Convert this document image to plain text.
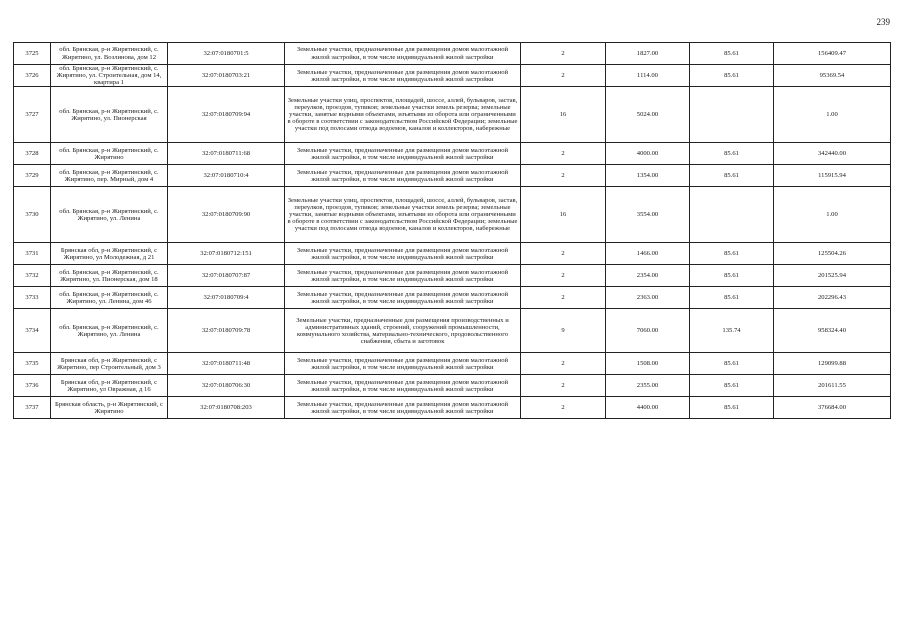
239
3725	обл. Брянская, р-н Жирятинский, с. Жирятино, ул. Возлинова, дом 12	32:07:0180701:5	Земельные участки, предназначенные для размещения домов малоэтажной жилой застройки, в том числе индивидуальной жилой застройки	2	1827.00	85.61	156409.47
3726	обл. Брянская, р-н Жирятинский, с. Жирятино, ул. Строительная, дом 14, квартира 1	32:07:0180703:21	Земельные участки, предназначенные для размещения домов малоэтажной жилой застройки, в том числе индивидуальной жилой застройки	2	1114.00	85.61	95369.54
3727	обл. Брянская, р-н Жирятинский, с. Жирятино, ул. Пионерская	32:07:0180709:94	Земельные участки улиц, проспектов, площадей, шоссе, аллей, бульваров, застав, переулков, проездов, тупиков; земельные участки земель резерва; земельные участки, занятые водными объектами, изъятыми из оборота или ограниченными в обороте в соответствии с законодательством Российской Федерации; земельные участки под полосами отвода водоемов, каналов и коллекторов, набережные	16	5024.00		1.00
3728	обл. Брянская, р-н Жирятинский, с. Жирятино	32:07:0180711:68	Земельные участки, предназначенные для размещения домов малоэтажной жилой застройки, в том числе индивидуальной жилой застройки	2	4000.00	85.61	342440.00
3729	обл. Брянская, р-н Жирятинский, с. Жирятино, пер. Мирный, дом 4	32:07:0180710:4	Земельные участки, предназначенные для размещения домов малоэтажной жилой застройки, в том числе индивидуальной жилой застройки	2	1354.00	85.61	115915.94
3730	обл. Брянская, р-н Жирятинский, с. Жирятино, ул. Ленина	32:07:0180709:90	Земельные участки улиц, проспектов, площадей, шоссе, аллей, бульваров, застав, переулков, проездов, тупиков; земельные участки земель резерва; земельные участки, занятые водными объектами, изъятыми из оборота или ограниченными в обороте в соответствии с законодательством Российской Федерации; земельные участки под полосами отвода водоемов, каналов и коллекторов, набережные	16	3554.00		1.00
3731	Брянская обл, р-н Жирятинский, с Жирятино, ул Молодежная, д 21	32:07:0180712:151	Земельные участки, предназначенные для размещения домов малоэтажной жилой застройки, в том числе индивидуальной жилой застройки	2	1466.00	85.61	125504.26
3732	обл. Брянская, р-н Жирятинский, с. Жирятино, ул. Пионерская, дом 18	32:07:0180707:87	Земельные участки, предназначенные для размещения домов малоэтажной жилой застройки, в том числе индивидуальной жилой застройки	2	2354.00	85.61	201525.94
3733	обл. Брянская, р-н Жирятинский, с. Жирятино, ул. Ленина, дом 46	32:07:0180709:4	Земельные участки, предназначенные для размещения домов малоэтажной жилой застройки, в том числе индивидуальной жилой застройки	2	2363.00	85.61	202296.43
3734	обл. Брянская, р-н Жирятинский, с. Жирятино, ул. Ленина	32:07:0180709:78	Земельные участки, предназначенные для размещения производственных и административных зданий, строений, сооружений промышленности, коммунального хозяйства, материально-технического, продовольственного снабжения, сбыта и заготовок	9	7060.00	135.74	958324.40
3735	Брянская обл, р-н Жирятинский, с Жирятино, пер Строительный, дом 3	32:07:0180711:48	Земельные участки, предназначенные для размещения домов малоэтажной жилой застройки, в том числе индивидуальной жилой застройки	2	1508.00	85.61	129099.88
3736	Брянская обл, р-н Жирятинский, с Жирятино, ул Овражная, д 16	32:07:0180706:30	Земельные участки, предназначенные для размещения домов малоэтажной жилой застройки, в том числе индивидуальной жилой застройки	2	2355.00	85.61	201611.55
3737	Брянская область, р-н Жирятинский, с Жирятино	32:07:0180708:203	Земельные участки, предназначенные для размещения домов малоэтажной жилой застройки, в том числе индивидуальной жилой застройки	2	4400.00	85.61	376684.00
